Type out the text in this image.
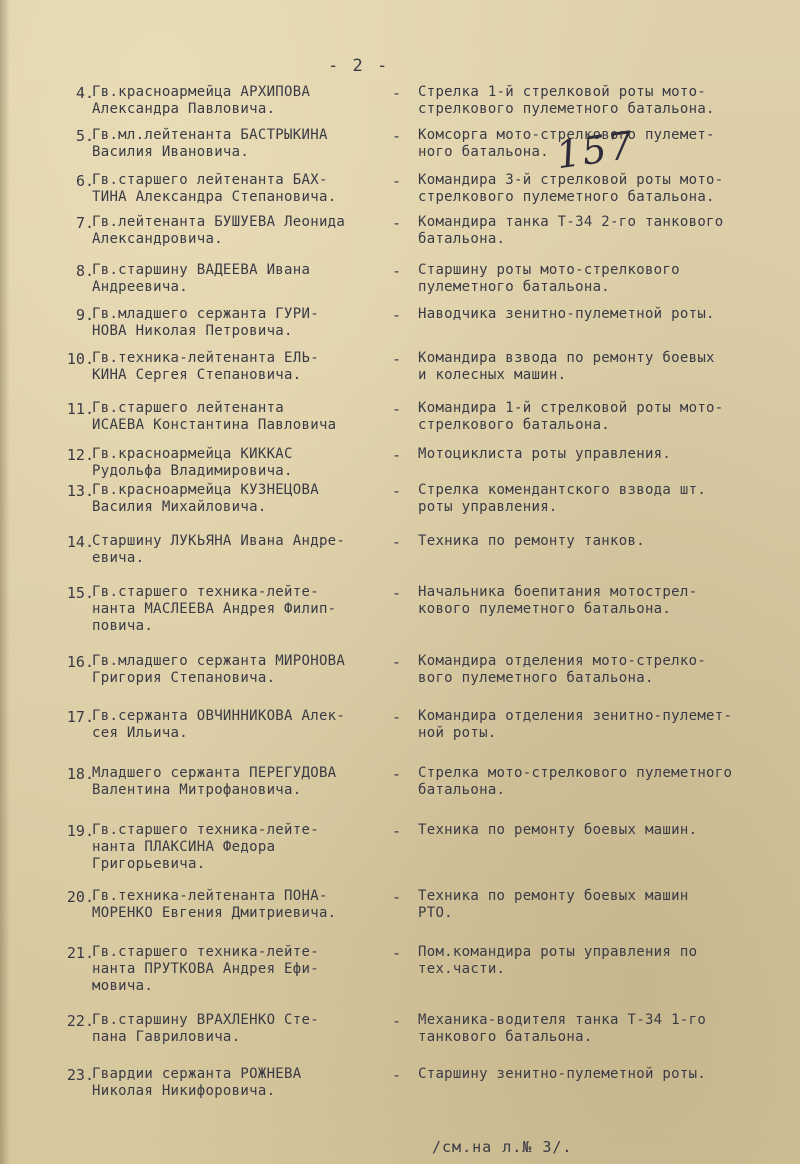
- 2 -
157
4.
Гв.красноармейца АРХИПОВА
Александра Павловича.
- Стрелка 1-й стрелковой роты мото-
стрелкового пулеметного батальона.
5.
Гв.мл.лейтенанта БАСТРЫКИНА
Василия Ивановича.
- Комсорга мото-стрелкового пулемет-
ного батальона.
6.
Гв.старшего лейтенанта БАХ-
ТИНА Александра Степановича.
- Командира 3-й стрелковой роты мото-
стрелкового пулеметного батальона.
7.
Гв.лейтенанта БУШУЕВА Леонида
Александровича.
- Командира танка Т-34 2-го танкового
батальона.
8.
Гв.старшину ВАДЕЕВА Ивана
Андреевича.
- Старшину роты мото-стрелкового
пулеметного батальона.
9.
Гв.младшего сержанта ГУРИ-
НОВА Николая Петровича.
- Наводчика зенитно-пулеметной роты.
10.
Гв.техника-лейтенанта ЕЛЬ-
КИНА Сергея Степановича.
- Командира взвода по ремонту боевых
и колесных машин.
11.
Гв.старшего лейтенанта
ИСАЕВА Константина Павловича
- Командира 1-й стрелковой роты мото-
стрелкового батальона.
12.
Гв.красноармейца КИККАС
Рудольфа Владимировича.
- Мотоциклиста роты управления.
13.
Гв.красноармейца КУЗНЕЦОВА
Василия Михайловича.
- Стрелка комендантского взвода шт.
роты управления.
14.
Старшину ЛУКЬЯНА Ивана Андре-
евича.
- Техника по ремонту танков.
15.
Гв.старшего техника-лейте-
нанта МАСЛЕЕВА Андрея Филип-
повича.
- Начальника боепитания мотострел-
кового пулеметного батальона.
16.
Гв.младшего сержанта МИРОНОВА
Григория Степановича.
- Командира отделения мото-стрелко-
вого пулеметного батальона.
17.
Гв.сержанта ОВЧИННИКОВА Алек-
сея Ильича.
- Командира отделения зенитно-пулемет-
ной роты.
18.
Младшего сержанта ПЕРЕГУДОВА
Валентина Митрофановича.
- Стрелка мото-стрелкового пулеметного
батальона.
19.
Гв.старшего техника-лейте-
нанта ПЛАКСИНА Федора
Григорьевича.
- Техника по ремонту боевых машин.
20.
Гв.техника-лейтенанта ПОНА-
МОРЕНКО Евгения Дмитриевича.
- Техника по ремонту боевых машин
РТО.
21.
Гв.старшего техника-лейте-
нанта ПРУТКОВА Андрея Ефи-
мовича.
- Пом.командира роты управления по
тех.части.
22.
Гв.старшину ВРАХЛЕНКО Сте-
пана Гавриловича.
- Механика-водителя танка Т-34 1-го
танкового батальона.
23.
Гвардии сержанта РОЖНЕВА
Николая Никифоровича.
- Старшину зенитно-пулеметной роты.
/см.на л.№ 3/.
